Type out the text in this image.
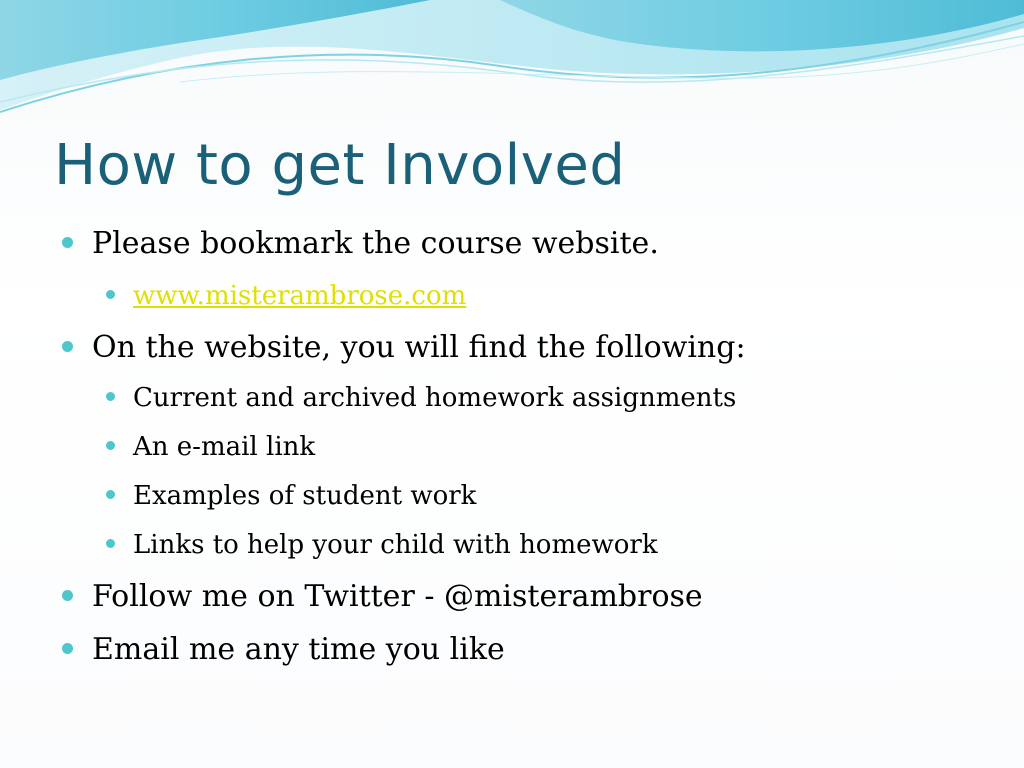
How to get Involved
Please bookmark the course website.
www.misterambrose.com
On the website, you will find the following:
Current and archived homework assignments
An e-mail link
Examples of student work
Links to help your child with homework
Follow me on Twitter - @misterambrose
Email me any time you like
